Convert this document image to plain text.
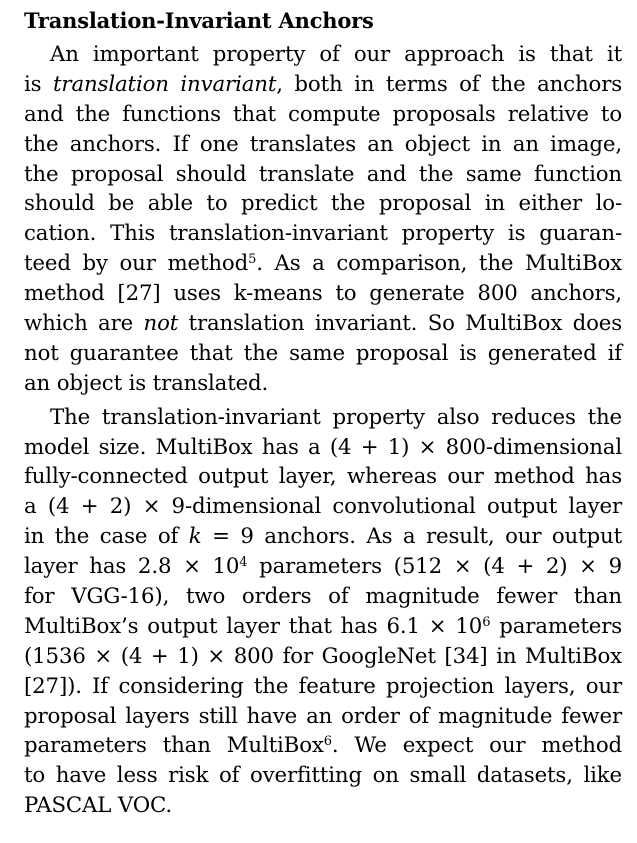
Translation-Invariant Anchors
An important property of our approach is that it
is translation invariant, both in terms of the anchors
and the functions that compute proposals relative to
the anchors. If one translates an object in an image,
the proposal should translate and the same function
should be able to predict the proposal in either lo-
cation. This translation-invariant property is guaran-
teed by our method$^5$. As a comparison, the MultiBox
method [27] uses k-means to generate 800 anchors,
which are not translation invariant. So MultiBox does
not guarantee that the same proposal is generated if
an object is translated.
The translation-invariant property also reduces the
model size. MultiBox has a (4 + 1) × 800-dimensional
fully-connected output layer, whereas our method has
a (4 + 2) × 9-dimensional convolutional output layer
in the case of k = 9 anchors. As a result, our output
layer has 2.8 × 10$^4$ parameters (512 × (4 + 2) × 9
for VGG-16), two orders of magnitude fewer than
MultiBox’s output layer that has 6.1 × 10$^6$ parameters
(1536 × (4 + 1) × 800 for GoogleNet [34] in MultiBox
[27]). If considering the feature projection layers, our
proposal layers still have an order of magnitude fewer
parameters than MultiBox$^6$. We expect our method
to have less risk of overfitting on small datasets, like
PASCAL VOC.
